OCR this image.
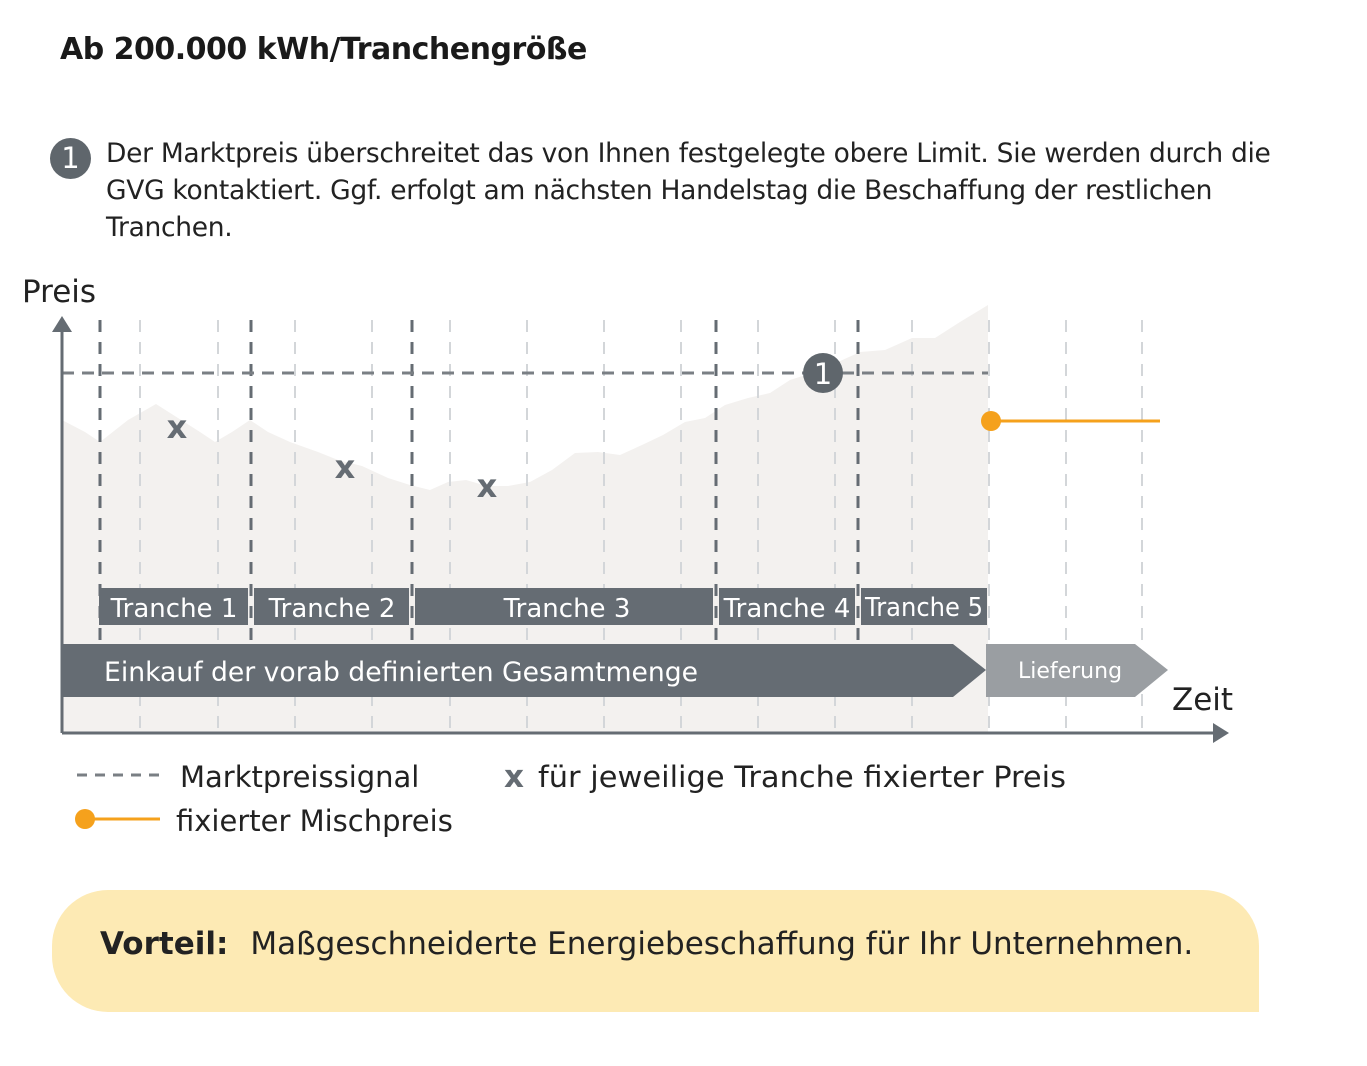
Ab 200.000 kWh/Tranchengröße
1 Der Marktpreis überschreitet das von Ihnen festgelegte obere Limit. Sie werden durch die GVG kontaktiert. Ggf. erfolgt am nächsten Handelstag die Beschaffung der restlichen Tranchen.
Preis
Zeit
1
x
x	x
Tranche 1 Tranche 2	Tranche 3	Tranche 4 Tranche 5
Einkauf der vorab definierten Gesamtmenge	Lieferung
Marktpreissignal	x für jeweilige Tranche fixierter Preis
fixierter Mischpreis
Vorteil: Maßgeschneiderte Energiebeschaffung für Ihr Unternehmen.
